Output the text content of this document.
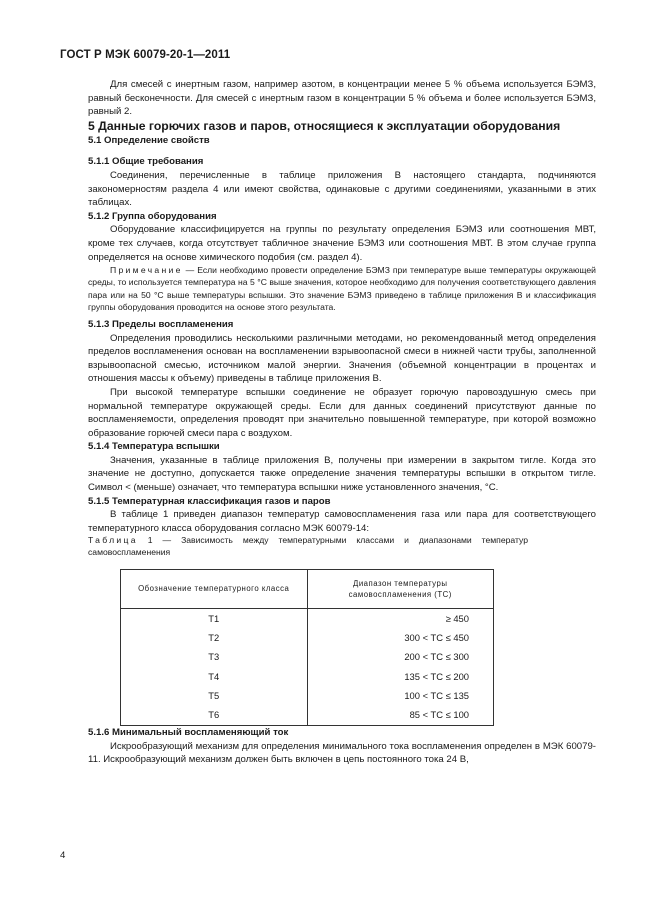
ГОСТ Р МЭК 60079-20-1—2011

Для смесей с инертным газом, например азотом, в концентрации менее 5 % объема используется БЭМЗ, равный бесконечности. Для смесей с инертным газом в концентрации 5 % объема и более используется БЭМЗ, равный 2.

5 Данные горючих газов и паров, относящиеся к эксплуатации оборудования

5.1 Определение свойств

5.1.1 Общие требования

Соединения, перечисленные в таблице приложения В настоящего стандарта, подчиняются закономерностям раздела 4 или имеют свойства, одинаковые с другими соединениями, указанными в этих таблицах.

5.1.2 Группа оборудования

Оборудование классифицируется на группы по результату определения БЭМЗ или соотношения МВТ, кроме тех случаев, когда отсутствует табличное значение БЭМЗ или соотношения МВТ. В этом случае группа определяется на основе химического подобия (см. раздел 4).

Примечание — Если необходимо провести определение БЭМЗ при температуре выше температуры окружающей среды, то используется температура на 5 °С выше значения, которое необходимо для получения соответствующего давления пара или на 50 °С выше температуры вспышки. Это значение БЭМЗ приведено в таблице приложения В и классификация группы оборудования проводится на основе этого результата.

5.1.3 Пределы воспламенения

Определения проводились несколькими различными методами, но рекомендованный метод определения пределов воспламенения основан на воспламенении взрывоопасной смеси в нижней части трубы, заполненной взрывоопасной смесью, источником малой энергии. Значения (объемной концентрации в процентах и отношения массы к объему) приведены в таблице приложения В.

При высокой температуре вспышки соединение не образует горючую паровоздушную смесь при нормальной температуре окружающей среды. Если для данных соединений присутствуют данные по воспламеняемости, определения проводят при значительно повышенной температуре, при которой возможно образование горючей смеси пара с воздухом.

5.1.4 Температура вспышки

Значения, указанные в таблице приложения В, получены при измерении в закрытом тигле. Когда это значение не доступно, допускается также определение значения температуры вспышки в открытом тигле. Символ < (меньше) означает, что температура вспышки ниже установленного значения, °С.

5.1.5 Температурная классификация газов и паров

В таблице 1 приведен диапазон температур самовоспламенения газа или пара для соответствующего температурного класса оборудования согласно МЭК 60079-14:

Таблица 1 — Зависимость между температурными классами и диапазонами температур самовоспламенения

Обозначение температурного класса	Диапазон температуры самовоспламенения (ТС)
T1	≥ 450
T2	300 < TC ≤ 450
T3	200 < TC ≤ 300
T4	135 < TC ≤ 200
T5	100 < TC ≤ 135
T6	85 < TC ≤ 100

5.1.6 Минимальный воспламеняющий ток

Искрообразующий механизм для определения минимального тока воспламенения определен в МЭК 60079-11. Искрообразующий механизм должен быть включен в цепь постоянного тока 24 В,

4
